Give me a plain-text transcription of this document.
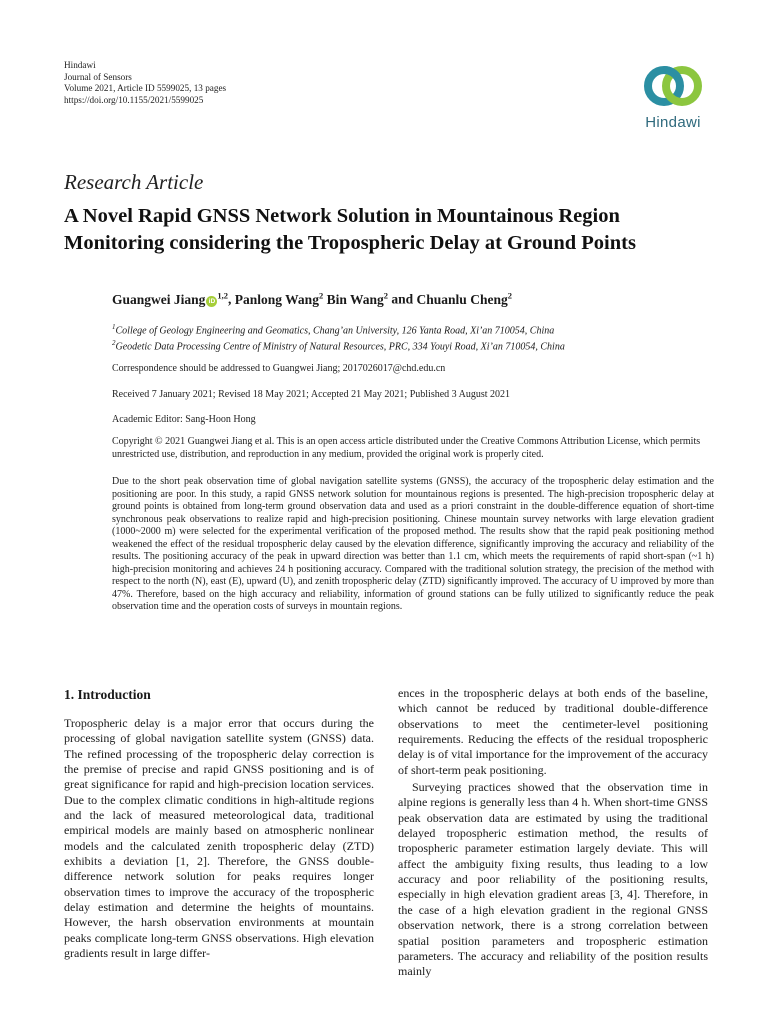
Hindawi
Journal of Sensors
Volume 2021, Article ID 5599025, 13 pages
https://doi.org/10.1155/2021/5599025
Hindawi
Research Article
A Novel Rapid GNSS Network Solution in Mountainous Region Monitoring considering the Tropospheric Delay at Ground Points
Guangwei Jiang iD$^{1,2}$, Panlong Wang$^2$ Bin Wang$^2$ and Chuanlu Cheng$^2$
$^1$College of Geology Engineering and Geomatics, Chang’an University, 126 Yanta Road, Xi’an 710054, China
$^2$Geodetic Data Processing Centre of Ministry of Natural Resources, PRC, 334 Youyi Road, Xi’an 710054, China
Correspondence should be addressed to Guangwei Jiang; 2017026017@chd.edu.cn
Received 7 January 2021; Revised 18 May 2021; Accepted 21 May 2021; Published 3 August 2021
Academic Editor: Sang-Hoon Hong
Copyright © 2021 Guangwei Jiang et al. This is an open access article distributed under the Creative Commons Attribution License, which permits unrestricted use, distribution, and reproduction in any medium, provided the original work is properly cited.
Due to the short peak observation time of global navigation satellite systems (GNSS), the accuracy of the tropospheric delay estimation and the positioning are poor. In this study, a rapid GNSS network solution for mountainous regions is presented. The high-precision tropospheric delay at ground points is obtained from long-term ground observation data and used as a priori constraint in the double-difference equation of short-time synchronous peak observations to realize rapid and high-precision positioning. Chinese mountain survey networks with large elevation gradient (1000~2000 m) were selected for the experimental verification of the proposed method. The results show that the rapid peak positioning method weakened the effect of the residual tropospheric delay caused by the elevation difference, significantly improving the accuracy and reliability of the results. The positioning accuracy of the peak in upward direction was better than 1.1 cm, which meets the requirements of rapid short-span (~1 h) high-precision monitoring and achieves 24 h positioning accuracy. Compared with the traditional solution strategy, the precision of the method with respect to the north (N), east (E), upward (U), and zenith tropospheric delay (ZTD) significantly improved. The accuracy of U improved by more than 47%. Therefore, based on the high accuracy and reliability, information of ground stations can be fully utilized to significantly reduce the peak observation time and the operation costs of surveys in mountain regions.
1. Introduction

Tropospheric delay is a major error that occurs during the processing of global navigation satellite system (GNSS) data. The refined processing of the tropospheric delay correction is the premise of precise and rapid GNSS positioning and is of great significance for rapid and high-precision location services. Due to the complex climatic conditions in high-altitude regions and the lack of measured meteorological data, traditional empirical models are mainly based on atmospheric nonlinear models and the calculated zenith tropospheric delay (ZTD) exhibits a deviation [1, 2]. Therefore, the GNSS double-difference network solution for peaks requires longer observation times to improve the accuracy of the tropospheric delay estimation and determine the heights of mountains. However, the harsh observation environments at mountain peaks complicate long-term GNSS observations. High elevation gradients result in large differ-

ences in the tropospheric delays at both ends of the baseline, which cannot be reduced by traditional double-difference observations to meet the centimeter-level positioning requirements. Reducing the effects of the residual tropospheric delay is of vital importance for the improvement of the accuracy of short-term peak positioning.

Surveying practices showed that the observation time in alpine regions is generally less than 4 h. When short-time GNSS peak observation data are estimated by using the traditional delayed tropospheric estimation method, the results of tropospheric parameter estimation largely deviate. This will affect the ambiguity fixing results, thus leading to a low accuracy and poor reliability of the positioning results, especially in high elevation gradient areas [3, 4]. Therefore, in the case of a high elevation gradient in the regional GNSS observation network, there is a strong correlation between spatial position parameters and tropospheric estimation parameters. The accuracy and reliability of the position results mainly
